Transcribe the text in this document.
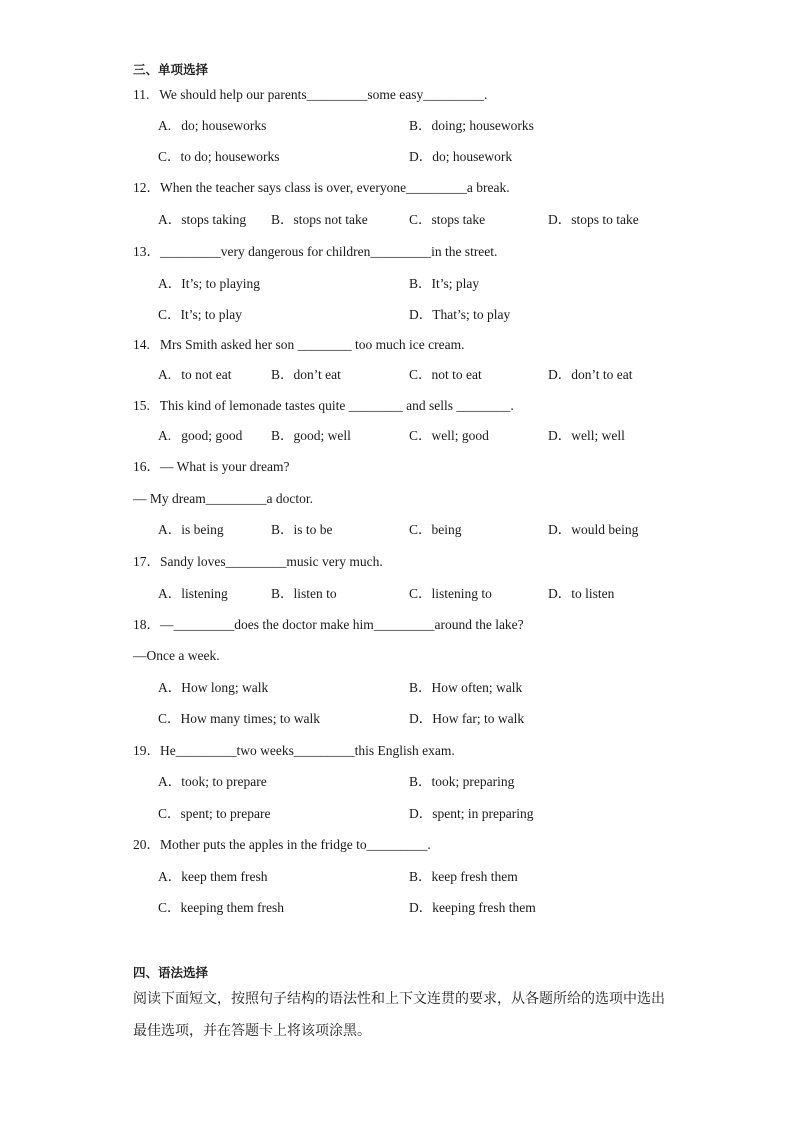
三、单项选择
11.   We should help our parents_________some easy_________.
A.   do; houseworks	B．doing; houseworks
C．to do; houseworks	D．do; housework
12．When the teacher says class is over, everyone_________a break.
A．stops taking B．stops not take	C．stops take	D．stops to take
13．_________very dangerous for children_________in the street.
A．It’s; to playing	B．It’s; play
C．It’s; to play	D．That’s; to play
14.   Mrs Smith asked her son ________ too much ice cream.
A.   to not eat	B．don’t eat	C．not to eat	D．don’t to eat
15.   This kind of lemonade tastes quite ________ and sells ________.
A.   good; good B．good; well	C．well; good	D．well; well
16．— What is your dream?
— My dream_________a doctor.
A．is being	B．is to be	C．being	D．would being
17．Sandy loves_________music very much.
A．listening	B．listen to	C．listening to	D．to listen
18．—_________does the doctor make him_________around the lake?
—Once a week.
A．How long; walk	B．How often; walk
C．How many times; to walk	D．How far; to walk
19．He_________two weeks_________this English exam.
A．took; to prepare	B．took; preparing
C．spent; to prepare	D．spent; in preparing
20．Mother puts the apples in the fridge to_________.
A．keep them fresh	B．keep fresh them
C．keeping them fresh	D．keeping fresh them
四、语法选择
阅读下面短文，按照句子结构的语法性和上下文连贯的要求，从各题所给的选项中选出
最佳选项，并在答题卡上将该项涂黑。
